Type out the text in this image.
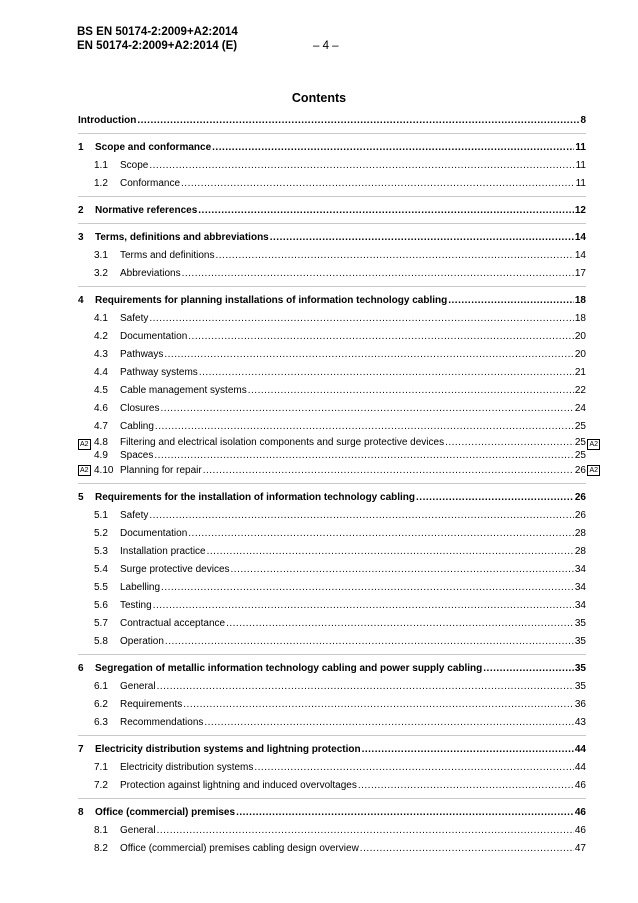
BS EN 50174-2:2009+A2:2014
EN 50174-2:2009+A2:2014 (E)	– 4 –
Contents
Introduction .....	8
1	Scope and conformance .....	11
1.1	Scope .....	11
1.2	Conformance .....	11
2	Normative references .....	12
3	Terms, definitions and abbreviations .....	14
3.1	Terms and definitions .....	14
3.2	Abbreviations .....	17
4	Requirements for planning installations of information technology cabling .....	18
4.1	Safety .....	18
4.2	Documentation .....	20
4.3	Pathways .....	20
4.4	Pathway systems .....	21
4.5	Cable management systems .....	22
4.6	Closures .....	24
4.7	Cabling .....	25
A2	A2
4.8	Filtering and electrical isolation components and surge protective devices .....	25
4.9	Spaces .....	25
A2	A2
4.10 Planning for repair .....	26
5	Requirements for the installation of information technology cabling .....	26
5.1	Safety .....	26
5.2	Documentation .....	28
5.3	Installation practice .....	28
5.4	Surge protective devices .....	34
5.5	Labelling .....	34
5.6	Testing .....	34
5.7	Contractual acceptance .....	35
5.8	Operation .....	35
6	Segregation of metallic information technology cabling and power supply cabling .....	35
6.1	General .....	35
6.2	Requirements .....	36
6.3	Recommendations .....	43
7	Electricity distribution systems and lightning protection .....	44
7.1	Electricity distribution systems .....	44
7.2	Protection against lightning and induced overvoltages .....	46
8	Office (commercial) premises .....	46
8.1	General .....	46
8.2	Office (commercial) premises cabling design overview .....	47
